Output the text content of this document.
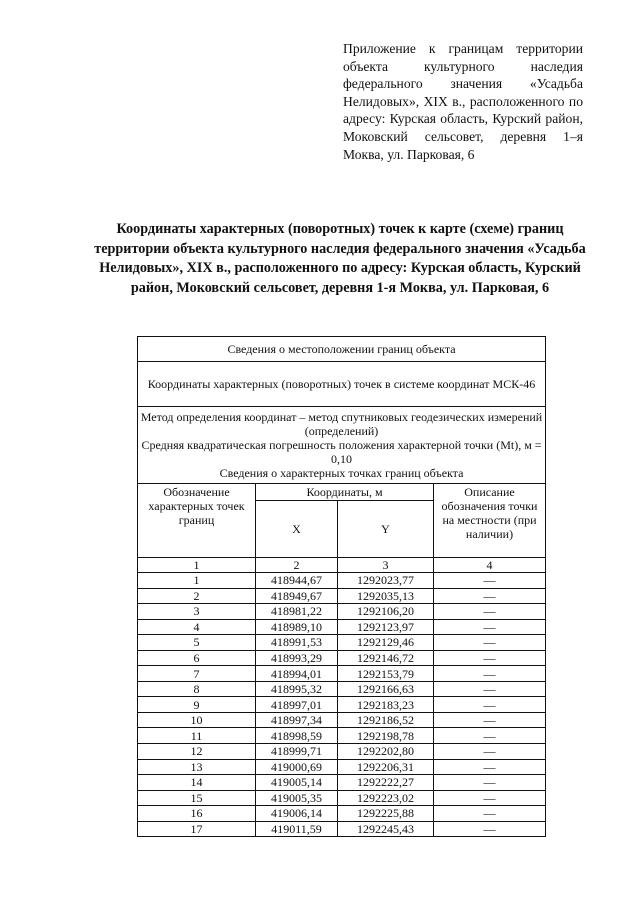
Приложение к границам территории объекта культурного наследия федерального значения «Усадьба Нелидовых», XIX в., расположенного по адресу: Курская область, Курский район, Моковский сельсовет, деревня 1–я Моква, ул. Парковая, 6
Координаты характерных (поворотных) точек к карте (схеме) границ территории объекта культурного наследия федерального значения «Усадьба Нелидовых», XIX в., расположенного по адресу: Курская область, Курский район, Моковский сельсовет, деревня 1-я Моква, ул. Парковая, 6
Сведения о местоположении границ объекта			
Координаты характерных (поворотных) точек в системе координат МСК-46			

Метод определения координат – метод спутниковых геодезических измерений (определений)

Средняя квадратическая погрешность положения характерной точки (Mt), м = 0,10

Сведения о характерных точках границ объекта			

Обозначение характерных точек границ	Координаты, м		Описание обозначения точки на местности (при наличии)
	X	Y	
1	2	3	4
1	418944,67	1292023,77	—
2	418949,67	1292035,13	—
3	418981,22	1292106,20	—
4	418989,10	1292123,97	—
5	418991,53	1292129,46	—
6	418993,29	1292146,72	—
7	418994,01	1292153,79	—
8	418995,32	1292166,63	—
9	418997,01	1292183,23	—
10	418997,34	1292186,52	—
11	418998,59	1292198,78	—
12	418999,71	1292202,80	—
13	419000,69	1292206,31	—
14	419005,14	1292222,27	—
15	419005,35	1292223,02	—
16	419006,14	1292225,88	—
17	419011,59	1292245,43	—
